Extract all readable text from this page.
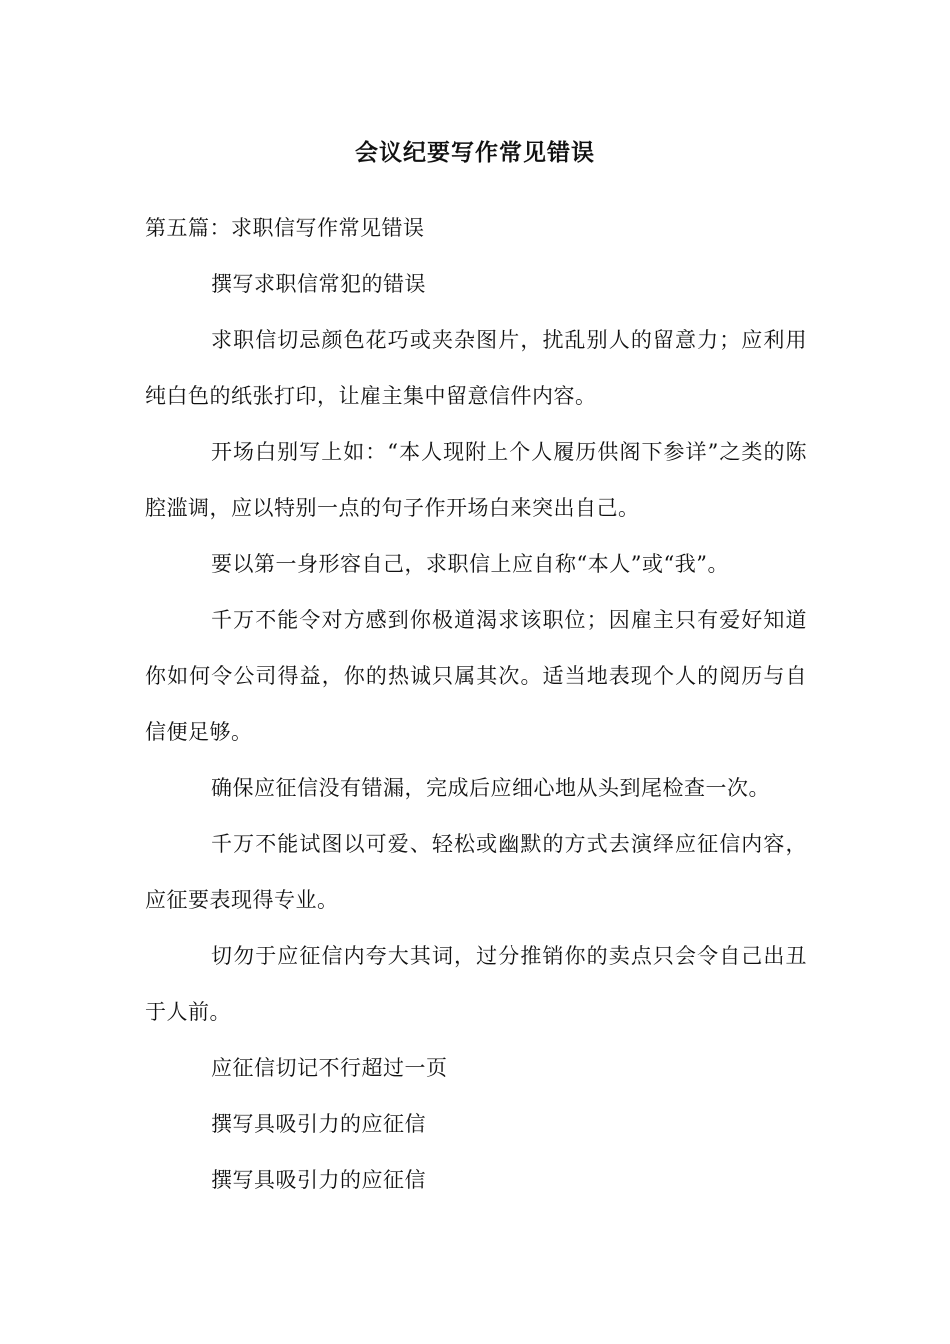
会议纪要写作常见错误

第五篇：求职信写作常见错误

撰写求职信常犯的错误

求职信切忌颜色花巧或夹杂图片，扰乱别人的留意力；应利用纯白色的纸张打印，让雇主集中留意信件内容。

开场白别写上如：“本人现附上个人履历供阁下参详”之类的陈腔滥调，应以特别一点的句子作开场白来突出自己。

要以第一身形容自己，求职信上应自称“本人”或“我”。

千万不能令对方感到你极道渴求该职位；因雇主只有爱好知道你如何令公司得益，你的热诚只属其次。适当地表现个人的阅历与自信便足够。

确保应征信没有错漏，完成后应细心地从头到尾检查一次。

千万不能试图以可爱、轻松或幽默的方式去演绎应征信内容，应征要表现得专业。

切勿于应征信内夸大其词，过分推销你的卖点只会令自己出丑于人前。

应征信切记不行超过一页

撰写具吸引力的应征信

撰写具吸引力的应征信
